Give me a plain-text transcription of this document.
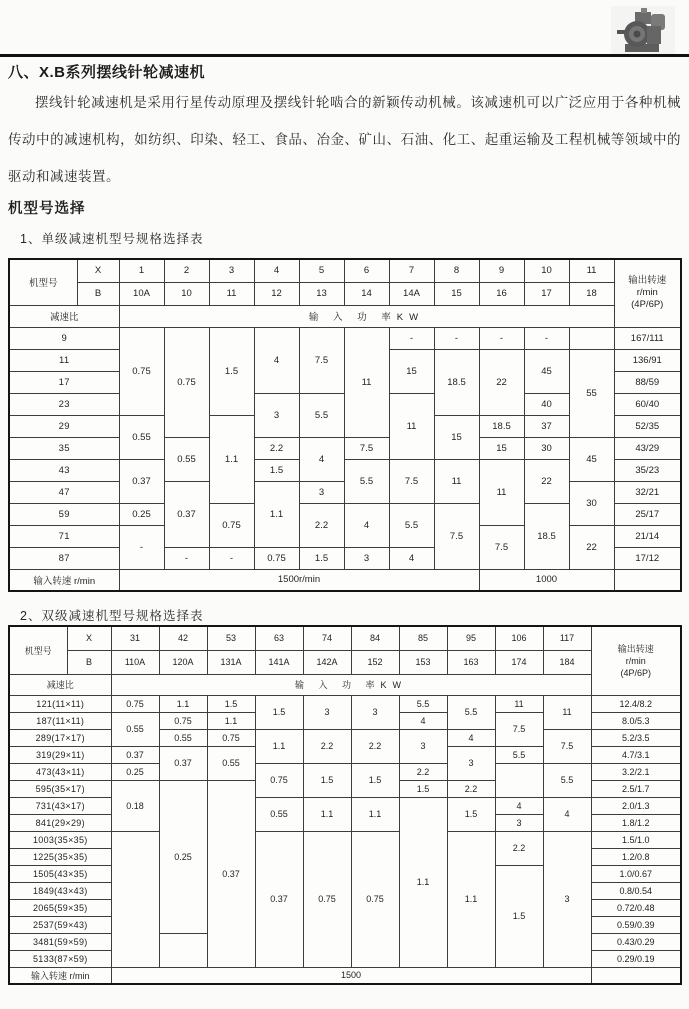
八、X.B系列摆线针轮减速机
摆线针轮减速机是采用行星传动原理及摆线针轮啮合的新颖传动机械。该减速机可以广泛应用于各种机械传动中的减速机构，如纺织、印染、轻工、食品、冶金、矿山、石油、化工、起重运输及工程机械等领域中的驱动和减速装置。
机型号选择
1、单级减速机型号规格选择表
机型号	X	1	2	3	4	5	6	7	8	9	10	11	输出转速
r/min
(4P/6P)
	B	10A	10	11	12	13	14	14A	15	16	17	18	
减速比		输 入 功 率KW											
9		0.75	0.75	1.5	4	7.5	11	-	-	-	-		167/111
11								15	18.5	22	45	55	136/91
17													88/59
23					3	5.5		11			40		60/40
29		0.55		1.1					15	18.5	37		52/35
35			0.55		2.2	4	7.5			15	30	45	43/29
43		0.37			1.5		5.5	7.5	11	11	22		35/23
47			0.37		1.1	3						30	32/21
59		0.25		0.75		2.2	4	5.5	7.5		18.5		25/17
71		-								7.5		22	21/14
87			-	-	0.75	1.5	3	4					17/12
输入转速 r/min		1500r/min								1000			
2、双级减速机型号规格选择表
机型号	X	31	42	53	63	74	84	85	95	106	117	输出转速
r/min
(4P/6P)
	B	110A	120A	131A	141A	142A	152	153	163	174	184	
减速比		输 入 功 率KW										
121(11×11)		0.75	1.1	1.5	1.5	3	3	5.5	5.5	11	11	12.4/8.2
187(11×11)		0.55	0.75	1.1				4		7.5		8.0/5.3
289(17×17)			0.55	0.75	1.1	2.2	2.2	3	4		7.5	5.2/3.5
319(29×11)		0.37	0.37	0.55					3	5.5		4.7/3.1
473(43×11)		0.25			0.75	1.5	1.5	2.2			5.5	3.2/2.1
595(35×17)		0.18	0.25	0.37				1.5	2.2			2.5/1.7
731(43×17)					0.55	1.1	1.1	1.1	1.5	4	4	2.0/1.3
841(29×29)										3		1.8/1.2
1003(35×35)					0.37	0.75	0.75		1.1	2.2	3	1.5/1.0
1225(35×35)												1.2/0.8
1505(43×35)										1.5		1.0/0.67
1849(43×43)												0.8/0.54
2065(59×35)												0.72/0.48
2537(59×43)												0.59/0.39
3481(59×59)												0.43/0.29
5133(87×59)												0.29/0.19
输入转速 r/min		1500										
